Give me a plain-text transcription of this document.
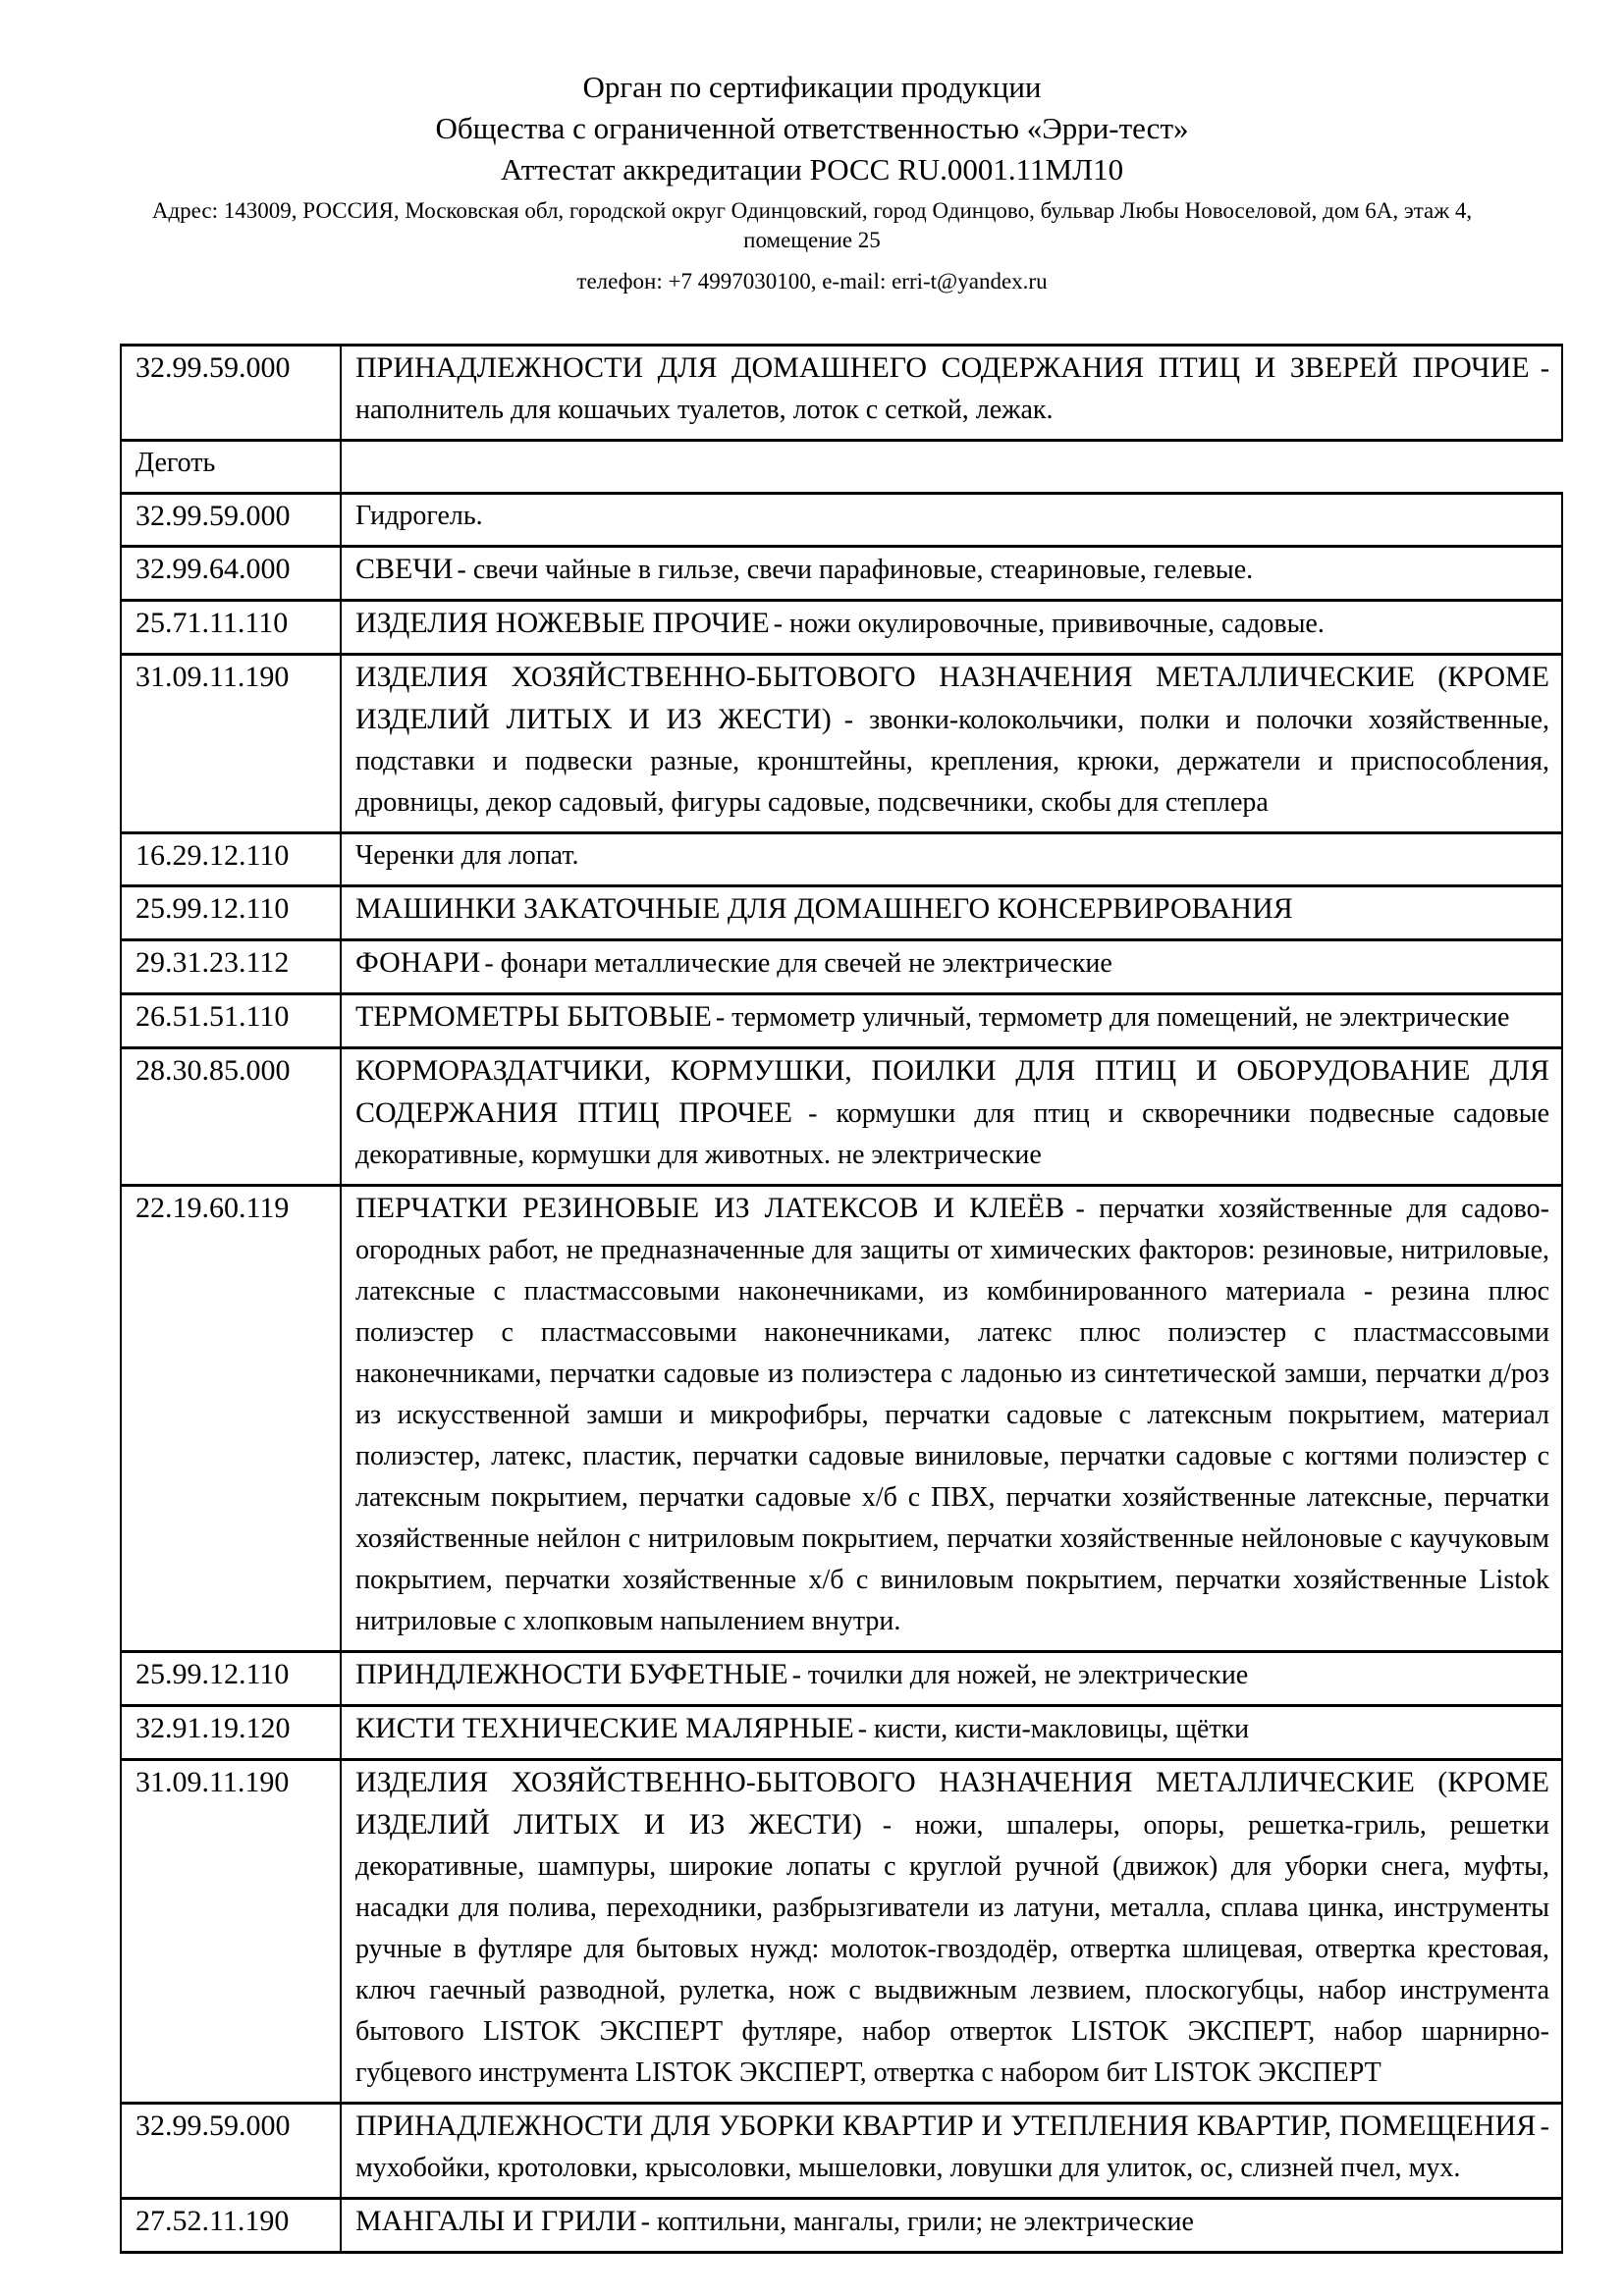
Орган по сертификации продукции

Общества с ограниченной ответственностью «Эрри-тест»

Аттестат аккредитации РОСС RU.0001.11МЛ10

Адрес: 143009, РОССИЯ, Московская обл, городской округ Одинцовский, город Одинцово, бульвар Любы Новоселовой, дом 6А, этаж 4, помещение 25

телефон: +7 4997030100, e-mail: erri-t@yandex.ru

32.99.59.000	ПРИНАДЛЕЖНОСТИ ДЛЯ ДОМАШНЕГО СОДЕРЖАНИЯ ПТИЦ И ЗВЕРЕЙ ПРОЧИЕ - наполнитель для кошачьих туалетов, лоток с сеткой, лежак.
Деготь	
32.99.59.000	Гидрогель.
32.99.64.000	СВЕЧИ - свечи чайные в гильзе, свечи парафиновые, стеариновые, гелевые.
25.71.11.110	ИЗДЕЛИЯ НОЖЕВЫЕ ПРОЧИЕ - ножи окулировочные, прививочные, садовые.
31.09.11.190	ИЗДЕЛИЯ ХОЗЯЙСТВЕННО-БЫТОВОГО НАЗНАЧЕНИЯ МЕТАЛЛИЧЕСКИЕ (КРОМЕ ИЗДЕЛИЙ ЛИТЫХ И ИЗ ЖЕСТИ) - звонки-колокольчики, полки и полочки хозяйственные, подставки и подвески разные, кронштейны, крепления, крюки, держатели и приспособления, дровницы, декор садовый, фигуры садовые, подсвечники, скобы для степлера
16.29.12.110	Черенки для лопат.
25.99.12.110	МАШИНКИ ЗАКАТОЧНЫЕ ДЛЯ ДОМАШНЕГО КОНСЕРВИРОВАНИЯ
29.31.23.112	ФОНАРИ - фонари металлические для свечей не электрические
26.51.51.110	ТЕРМОМЕТРЫ БЫТОВЫЕ - термометр уличный, термометр для помещений, не электрические
28.30.85.000	КОРМОРАЗДАТЧИКИ, КОРМУШКИ, ПОИЛКИ ДЛЯ ПТИЦ И ОБОРУДОВАНИЕ ДЛЯ СОДЕРЖАНИЯ ПТИЦ ПРОЧЕЕ - кормушки для птиц и скворечники подвесные садовые декоративные, кормушки для животных. не электрические
22.19.60.119	ПЕРЧАТКИ РЕЗИНОВЫЕ ИЗ ЛАТЕКСОВ И КЛЕЁВ - перчатки хозяйственные для садово-огородных работ, не предназначенные для защиты от химических факторов: резиновые, нитриловые, латексные с пластмассовыми наконечниками, из комбинированного материала - резина плюс полиэстер с пластмассовыми наконечниками, латекс плюс полиэстер с пластмассовыми наконечниками, перчатки садовые из полиэстера с ладонью из синтетической замши, перчатки д/роз из искусственной замши и микрофибры, перчатки садовые с латексным покрытием, материал полиэстер, латекс, пластик, перчатки садовые виниловые, перчатки садовые с когтями полиэстер с латексным покрытием, перчатки садовые х/б с ПВХ, перчатки хозяйственные латексные, перчатки хозяйственные нейлон с нитриловым покрытием, перчатки хозяйственные нейлоновые с каучуковым покрытием, перчатки хозяйственные х/б с виниловым покрытием, перчатки хозяйственные Listok нитриловые с хлопковым напылением внутри.
25.99.12.110	ПРИНДЛЕЖНОСТИ БУФЕТНЫЕ - точилки для ножей, не электрические
32.91.19.120	КИСТИ ТЕХНИЧЕСКИЕ МАЛЯРНЫЕ - кисти, кисти-макловицы, щётки
31.09.11.190	ИЗДЕЛИЯ ХОЗЯЙСТВЕННО-БЫТОВОГО НАЗНАЧЕНИЯ МЕТАЛЛИЧЕСКИЕ (КРОМЕ ИЗДЕЛИЙ ЛИТЫХ И ИЗ ЖЕСТИ) - ножи, шпалеры, опоры, решетка-гриль, решетки декоративные, шампуры, широкие лопаты с круглой ручной (движок) для уборки снега, муфты, насадки для полива, переходники, разбрызгиватели из латуни, металла, сплава цинка, инструменты ручные в футляре для бытовых нужд: молоток-гвоздодёр, отвертка шлицевая, отвертка крестовая, ключ гаечный разводной, рулетка, нож с выдвижным лезвием, плоскогубцы, набор инструмента бытового LISTOK ЭКСПЕРТ футляре, набор отверток LISTOK ЭКСПЕРТ, набор шарнирно-губцевого инструмента LISTOK ЭКСПЕРТ, отвертка с набором бит LISTOK ЭКСПЕРТ
32.99.59.000	ПРИНАДЛЕЖНОСТИ ДЛЯ УБОРКИ КВАРТИР И УТЕПЛЕНИЯ КВАРТИР, ПОМЕЩЕНИЯ - мухобойки, кротоловки, крысоловки, мышеловки, ловушки для улиток, ос, слизней пчел, мух.
27.52.11.190	МАНГАЛЫ И ГРИЛИ - коптильни, мангалы, грили; не электрические
